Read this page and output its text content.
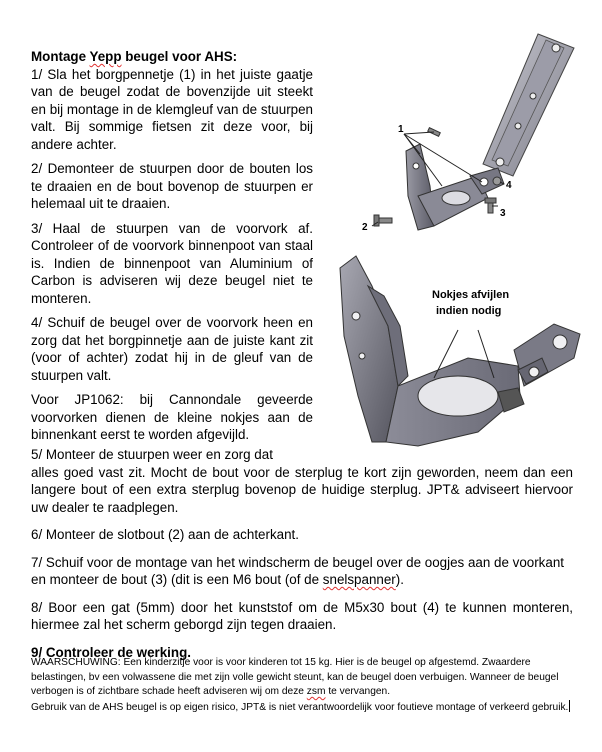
Montage Yepp beugel voor AHS:

1/ Sla het borgpennetje (1) in het juiste gaatje van de beugel zodat de bovenzijde uit steekt en bij montage in de klemgleuf van de stuurpen valt. Bij sommige fietsen zit deze voor, bij andere achter.

2/ Demonteer de stuurpen door de bouten los te draaien en de bout bovenop de stuurpen er helemaal uit te draaien.

3/ Haal de stuurpen van de voorvork af. Controleer of de voorvork binnenpoot van staal is. Indien de binnenpoot van Aluminium of Carbon is adviseren wij deze beugel niet te monteren.

4/ Schuif de beugel over de voorvork heen en zorg dat het borgpinnetje aan de juiste kant zit (voor of achter) zodat hij in de gleuf van de stuurpen valt.

Voor JP1062: bij Cannondale geveerde voorvorken dienen de kleine nokjes aan de binnenkant eerst te worden afgevijld.

5/ Monteer de stuurpen weer en zorg dat

alles goed vast zit. Mocht de bout voor de sterplug te kort zijn geworden, neem dan een langere bout of een extra sterplug bovenop de huidige sterplug. JPT& adviseert hiervoor uw dealer te raadplegen.

6/ Monteer de slotbout (2) aan de achterkant.

7/ Schuif voor de montage van het windscherm de beugel over de oogjes aan de voorkant en monteer de bout (3) (dit is een M6 bout (of de snelspanner).

8/ Boor een gat (5mm) door het kunststof om de M5x30 bout (4) te kunnen monteren, hiermee zal het scherm geborgd zijn tegen draaien.

9/ Controleer de werking.

WAARSCHUWING: Een kinderzitje voor is voor kinderen tot 15 kg. Hier is de beugel op afgestemd. Zwaardere belastingen, bv een volwassene die met zijn volle gewicht steunt, kan de beugel doen verbuigen. Wanneer de beugel verbogen is of zichtbare schade heeft adviseren wij om deze zsm te vervangen.

Gebruik van de AHS beugel is op eigen risico, JPT& is niet verantwoordelijk voor foutieve montage of verkeerd gebruik.

1
2
3
4
Nokjes afvijlen
indien nodig
